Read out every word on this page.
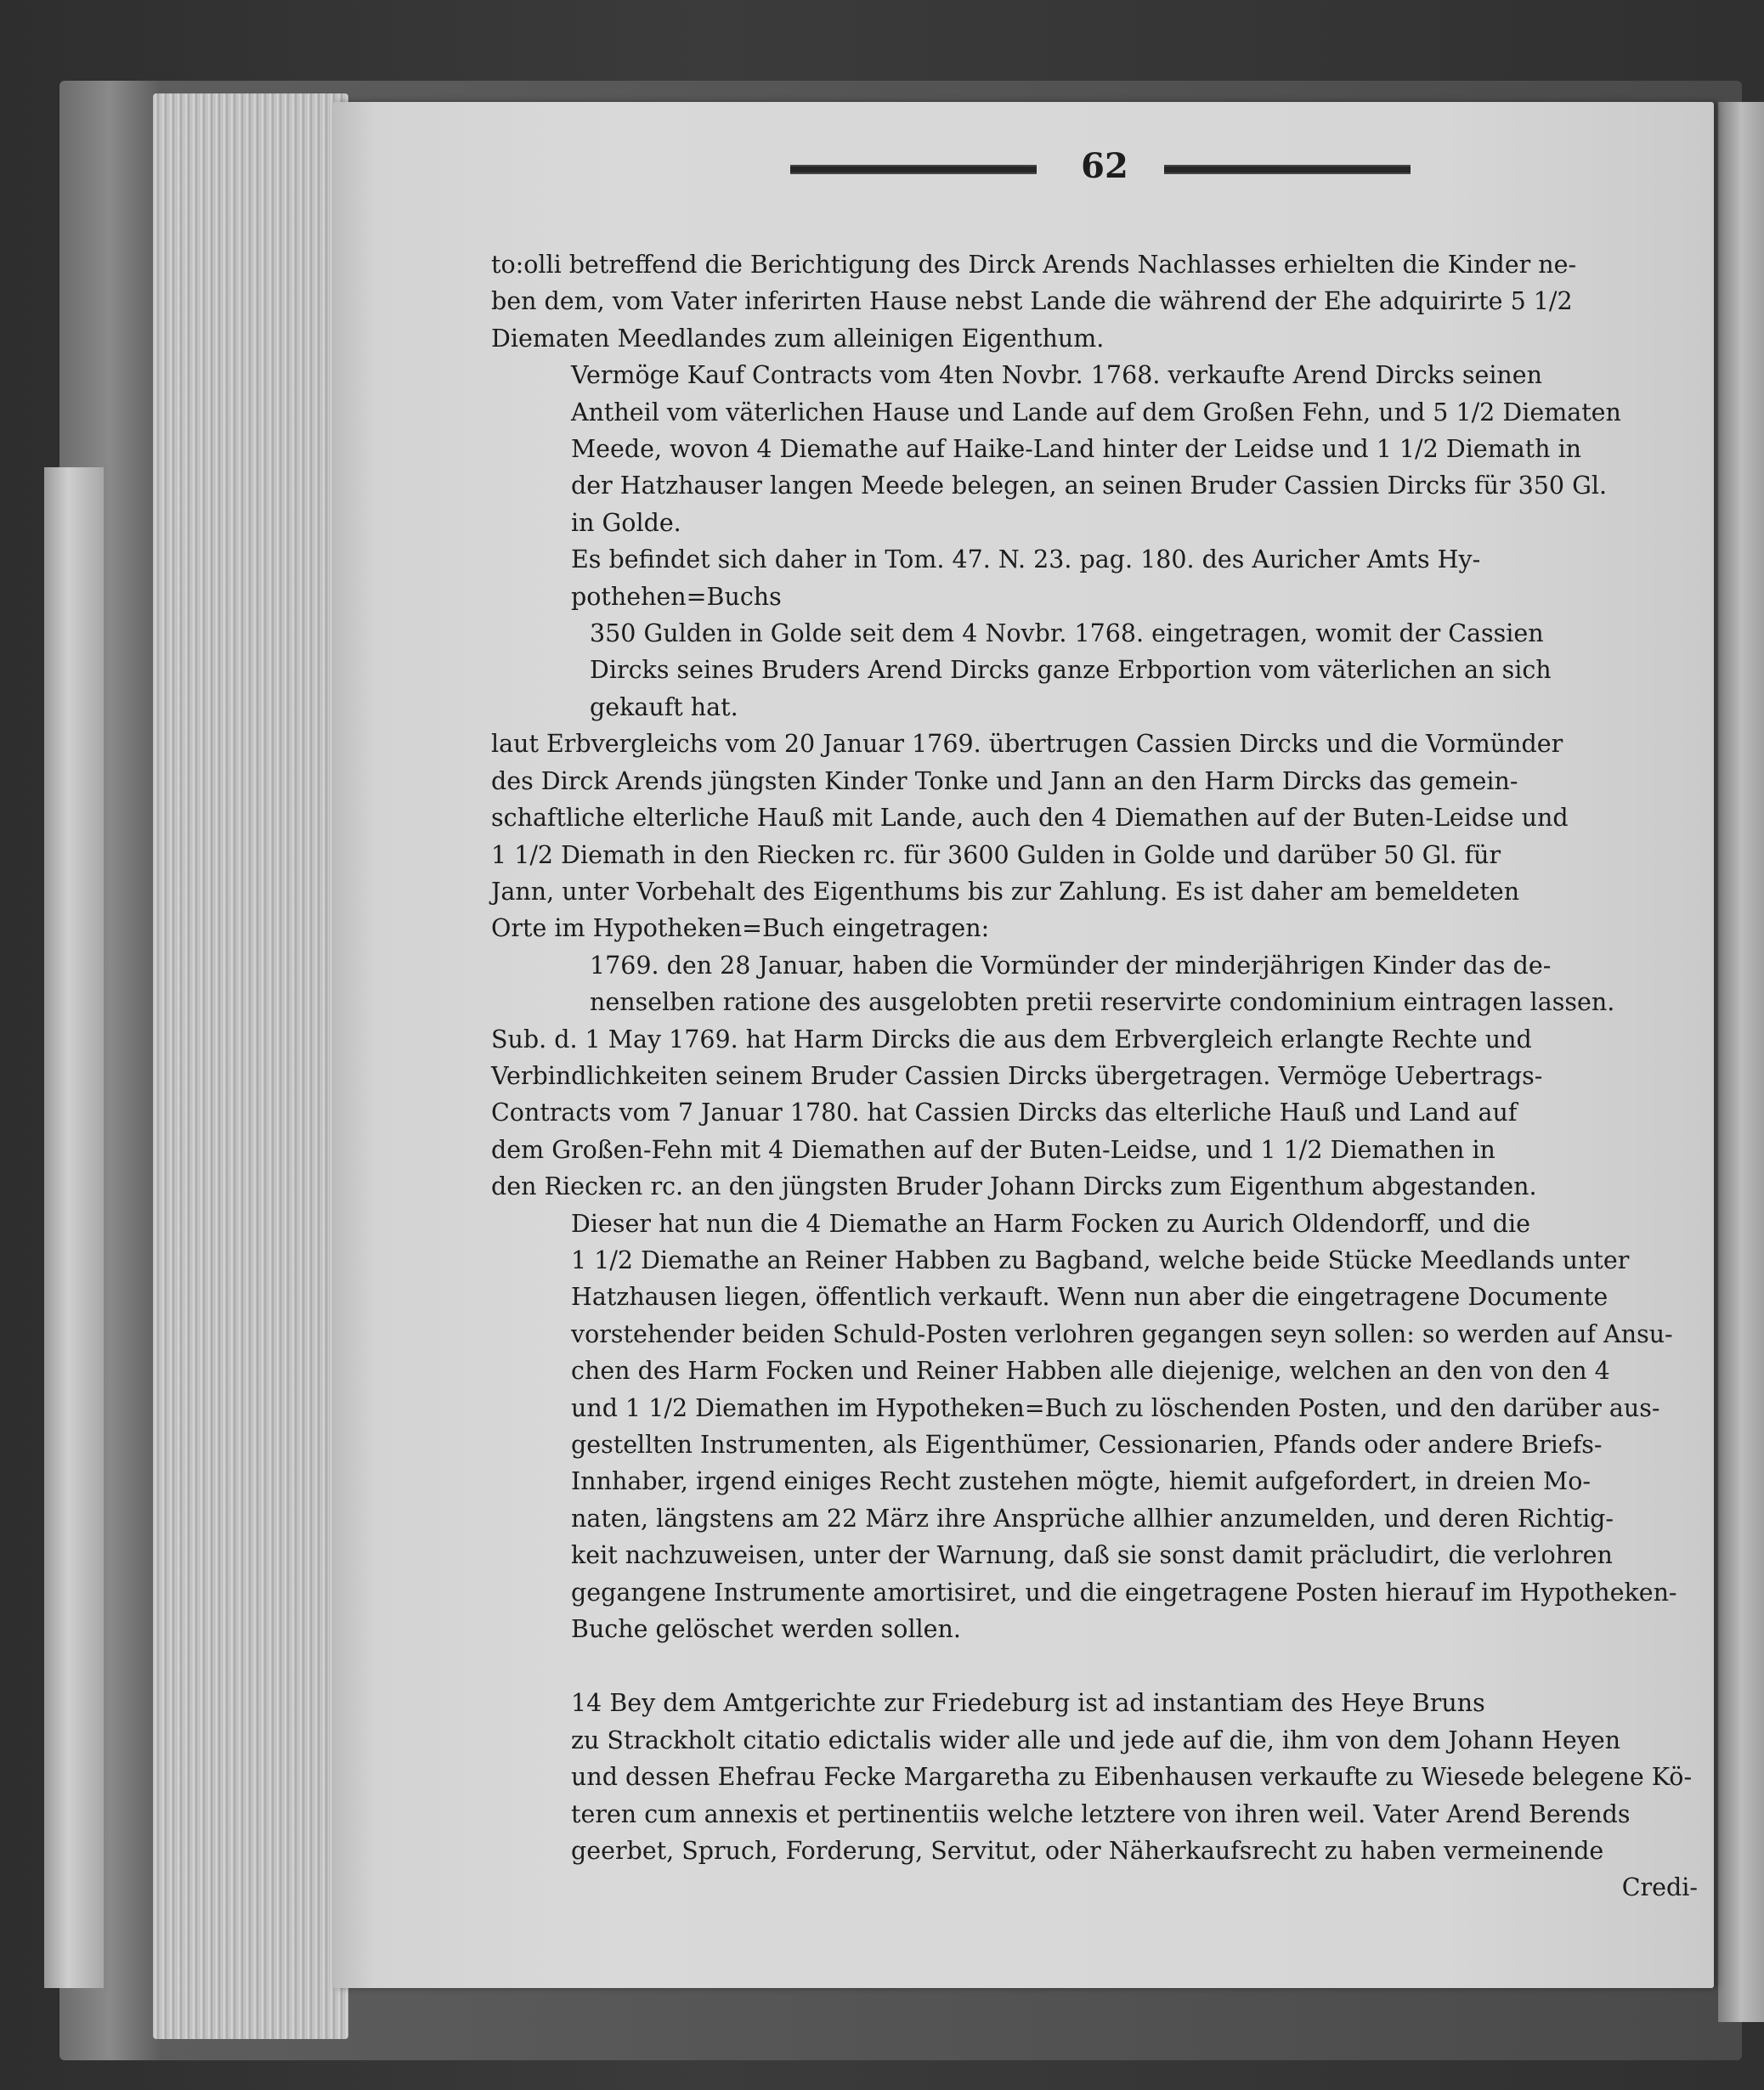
62

to:olli betreffend die Berichtigung des Dirck Arends Nachlasses erhielten die Kinder ne-

ben dem, vom Vater inferirten Hause nebst Lande die während der Ehe adquirirte 5 1/2

Diematen Meedlandes zum alleinigen Eigenthum.

Vermöge Kauf Contracts vom 4ten Novbr. 1768. verkaufte Arend Dircks seinen

Antheil vom väterlichen Hause und Lande auf dem Großen Fehn, und 5 1/2 Diematen

Meede, wovon 4 Diemathe auf Haike-Land hinter der Leidse und 1 1/2 Diemath in

der Hatzhauser langen Meede belegen, an seinen Bruder Cassien Dircks für 350 Gl.

in Golde.

Es befindet sich daher in Tom. 47. N. 23. pag. 180. des Auricher Amts Hy-

pothehen=Buchs

350 Gulden in Golde seit dem 4 Novbr. 1768. eingetragen, womit der Cassien

Dircks seines Bruders Arend Dircks ganze Erbportion vom väterlichen an sich

gekauft hat.

laut Erbvergleichs vom 20 Januar 1769. übertrugen Cassien Dircks und die Vormünder

des Dirck Arends jüngsten Kinder Tonke und Jann an den Harm Dircks das gemein-

schaftliche elterliche Hauß mit Lande, auch den 4 Diemathen auf der Buten-Leidse und

1 1/2 Diemath in den Riecken rc. für 3600 Gulden in Golde und darüber 50 Gl. für

Jann, unter Vorbehalt des Eigenthums bis zur Zahlung. Es ist daher am bemeldeten

Orte im Hypotheken=Buch eingetragen:

1769. den 28 Januar, haben die Vormünder der minderjährigen Kinder das de-

nenselben ratione des ausgelobten pretii reservirte condominium eintragen lassen.

Sub. d. 1 May 1769. hat Harm Dircks die aus dem Erbvergleich erlangte Rechte und

Verbindlichkeiten seinem Bruder Cassien Dircks übergetragen. Vermöge Uebertrags-

Contracts vom 7 Januar 1780. hat Cassien Dircks das elterliche Hauß und Land auf

dem Großen-Fehn mit 4 Diemathen auf der Buten-Leidse, und 1 1/2 Diemathen in

den Riecken rc. an den jüngsten Bruder Johann Dircks zum Eigenthum abgestanden.

Dieser hat nun die 4 Diemathe an Harm Focken zu Aurich Oldendorff, und die

1 1/2 Diemathe an Reiner Habben zu Bagband, welche beide Stücke Meedlands unter

Hatzhausen liegen, öffentlich verkauft. Wenn nun aber die eingetragene Documente

vorstehender beiden Schuld-Posten verlohren gegangen seyn sollen: so werden auf Ansu-

chen des Harm Focken und Reiner Habben alle diejenige, welchen an den von den 4

und 1 1/2 Diemathen im Hypotheken=Buch zu löschenden Posten, und den darüber aus-

gestellten Instrumenten, als Eigenthümer, Cessionarien, Pfands oder andere Briefs-

Innhaber, irgend einiges Recht zustehen mögte, hiemit aufgefordert, in dreien Mo-

naten, längstens am 22 März ihre Ansprüche allhier anzumelden, und deren Richtig-

keit nachzuweisen, unter der Warnung, daß sie sonst damit präcludirt, die verlohren

gegangene Instrumente amortisiret, und die eingetragene Posten hierauf im Hypotheken-

Buche gelöschet werden sollen.

14 Bey dem Amtgerichte zur Friedeburg ist ad instantiam des Heye Bruns

zu Strackholt citatio edictalis wider alle und jede auf die, ihm von dem Johann Heyen

und dessen Ehefrau Fecke Margaretha zu Eibenhausen verkaufte zu Wiesede belegene Kö-

teren cum annexis et pertinentiis welche letztere von ihren weil. Vater Arend Berends

geerbet, Spruch, Forderung, Servitut, oder Näherkaufsrecht zu haben vermeinende

Credi-
